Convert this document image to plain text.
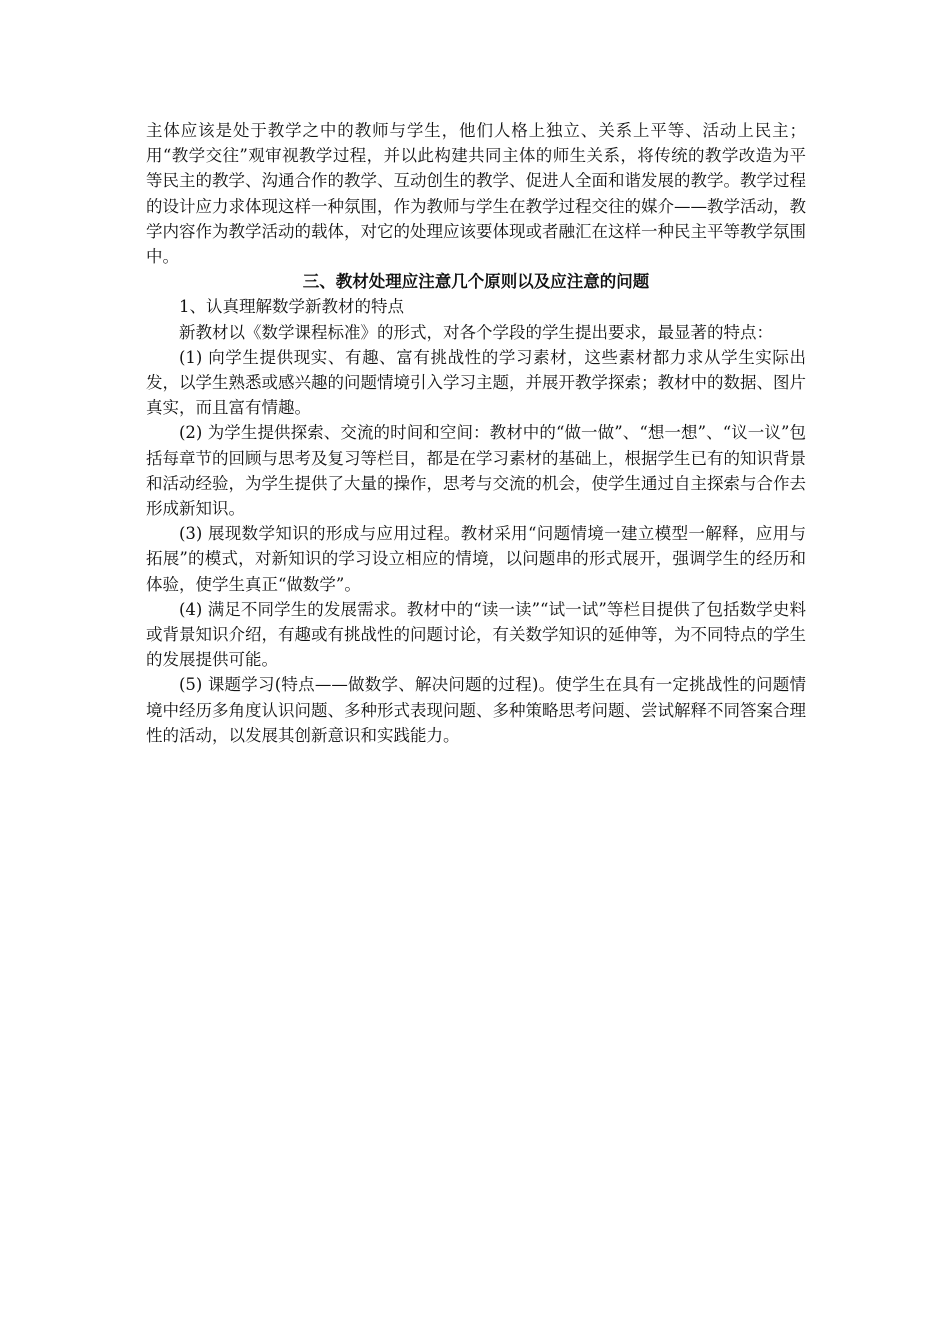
主体应该是处于教学之中的教师与学生，他们人格上独立、关系上平等、活动上民主；用“教学交往”观审视教学过程，并以此构建共同主体的师生关系，将传统的教学改造为平等民主的教学、沟通合作的教学、互动创生的教学、促进人全面和谐发展的教学。教学过程的设计应力求体现这样一种氛围，作为教师与学生在教学过程交往的媒介——教学活动，教学内容作为教学活动的载体，对它的处理应该要体现或者融汇在这样一种民主平等教学氛围中。

三、教材处理应注意几个原则以及应注意的问题

1、认真理解数学新教材的特点

新教材以《数学课程标准》的形式，对各个学段的学生提出要求，最显著的特点：

(1) 向学生提供现实、有趣、富有挑战性的学习素材，这些素材都力求从学生实际出发，以学生熟悉或感兴趣的问题情境引入学习主题，并展开教学探索；教材中的数据、图片真实，而且富有情趣。

(2) 为学生提供探索、交流的时间和空间：教材中的“做一做”、“想一想”、“议一议”包括每章节的回顾与思考及复习等栏目，都是在学习素材的基础上，根据学生已有的知识背景和活动经验，为学生提供了大量的操作，思考与交流的机会，使学生通过自主探索与合作去形成新知识。

(3) 展现数学知识的形成与应用过程。教材采用“问题情境一建立模型一解释，应用与拓展”的模式，对新知识的学习设立相应的情境，以问题串的形式展开，强调学生的经历和体验，使学生真正“做数学”。

(4) 满足不同学生的发展需求。教材中的“读一读”“试一试”等栏目提供了包括数学史料或背景知识介绍，有趣或有挑战性的问题讨论，有关数学知识的延伸等，为不同特点的学生的发展提供可能。

(5) 课题学习(特点——做数学、解决问题的过程)。使学生在具有一定挑战性的问题情境中经历多角度认识问题、多种形式表现问题、多种策略思考问题、尝试解释不同答案合理性的活动，以发展其创新意识和实践能力。
